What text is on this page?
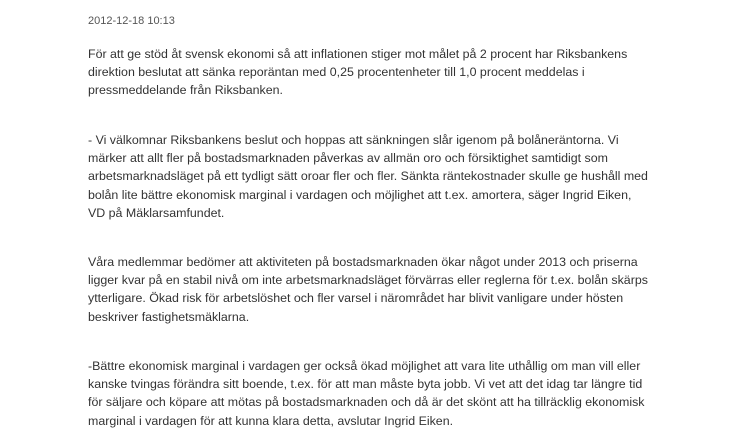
2012-12-18 10:13

För att ge stöd åt svensk ekonomi så att inflationen stiger mot målet på 2 procent har Riksbankens
direktion beslutat att sänka reporäntan med 0,25 procentenheter till 1,0 procent meddelas i
pressmeddelande från Riksbanken.

- Vi välkomnar Riksbankens beslut och hoppas att sänkningen slår igenom på bolåneräntorna. Vi
märker att allt fler på bostadsmarknaden påverkas av allmän oro och försiktighet samtidigt som
arbetsmarknadsläget på ett tydligt sätt oroar fler och fler. Sänkta räntekostnader skulle ge hushåll med
bolån lite bättre ekonomisk marginal i vardagen och möjlighet att t.ex. amortera, säger Ingrid Eiken,
VD på Mäklarsamfundet.

Våra medlemmar bedömer att aktiviteten på bostadsmarknaden ökar något under 2013 och priserna
ligger kvar på en stabil nivå om inte arbetsmarknadsläget förvärras eller reglerna för t.ex. bolån skärps
ytterligare. Ökad risk för arbetslöshet och fler varsel i närområdet har blivit vanligare under hösten
beskriver fastighetsmäklarna.

-Bättre ekonomisk marginal i vardagen ger också ökad möjlighet att vara lite uthållig om man vill eller
kanske tvingas förändra sitt boende, t.ex. för att man måste byta jobb. Vi vet att det idag tar längre tid
för säljare och köpare att mötas på bostadsmarknaden och då är det skönt att ha tillräcklig ekonomisk
marginal i vardagen för att kunna klara detta, avslutar Ingrid Eiken.
